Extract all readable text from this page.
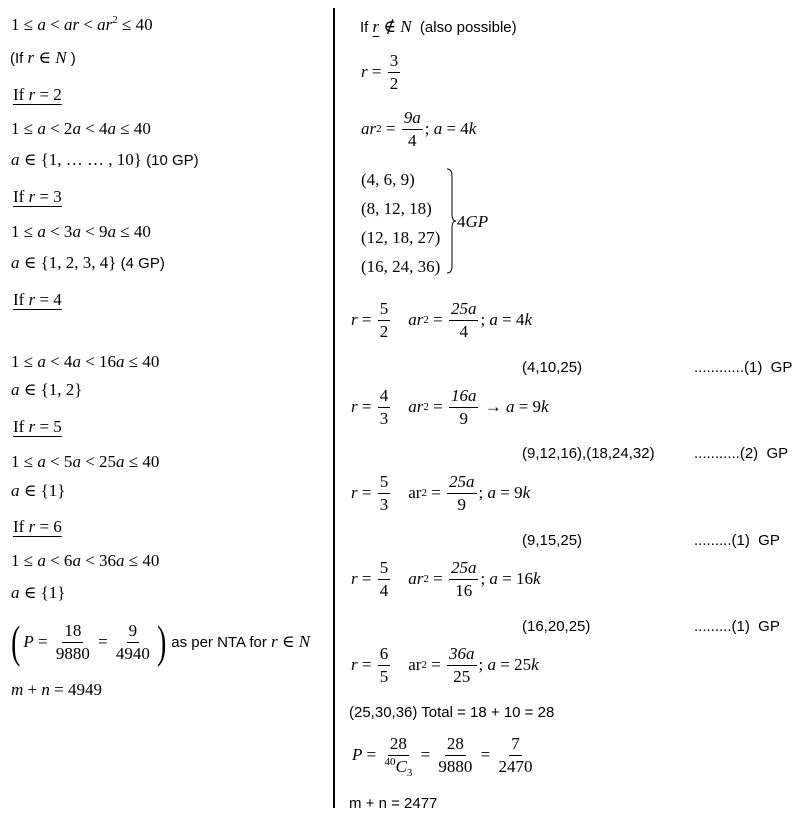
1 ≤ a < ar < $ar^2 \le 40$
(If r ∈ N )
If r = 2
1 ≤ a < 2a < 4a ≤ 40
a ∈ {1, … … , 10} (10 GP)
If r = 3
1 ≤ a < 3a < 9a ≤ 40
a ∈ {1, 2, 3, 4} (4 GP)
If r = 4
1 ≤ a < 4a < 16a ≤ 40
a ∈ {1, 2}
If r = 5
1 ≤ a < 5a < 25a ≤ 40
a ∈ {1}
If r = 6
1 ≤ a < 6a < 36a ≤ 40
a ∈ {1}
( $P = \frac{18}{9880} = \frac{9}{4940}$ ) as per NTA for r ∈ N
m + n = 4949
If r ∉ N (also possible)
$r = \frac{3}{2}$
a r $2 = \frac{9a}{4}$ ; a = 4 k
(4, 6, 9)
(8, 12, 18)
(12, 18, 27)
(16, 24, 36)
4GP
$r = \frac{5}{2}$ ar $2 = \frac{25a}{4}$ ; a = 4 k
(4,10,25)	............(1)  GP
$r = \frac{4}{3}$ ar $2 = \frac{16a}{9} \to a = 9$ k
(9,12,16),(18,24,32)	...........(2)  GP
$r = \frac{5}{3}$ ar $2 = \frac{25a}{9}$ ; a = 9 k
(9,15,25)	.........(1)  GP
$r = \frac{5}{4}$ ar $2 = \frac{25a}{16}$ ; a = 16 k
(16,20,25)	.........(1)  GP
$r = \frac{6}{5}$ ar $2 = \frac{36a}{25}$ ; a = 25 k
(25,30,36) Total = 18 + 10 = 28
$P = \frac{28}{^{40}C_3} = \frac{28}{9880} = \frac{7}{2470}$
m + n = 2477
